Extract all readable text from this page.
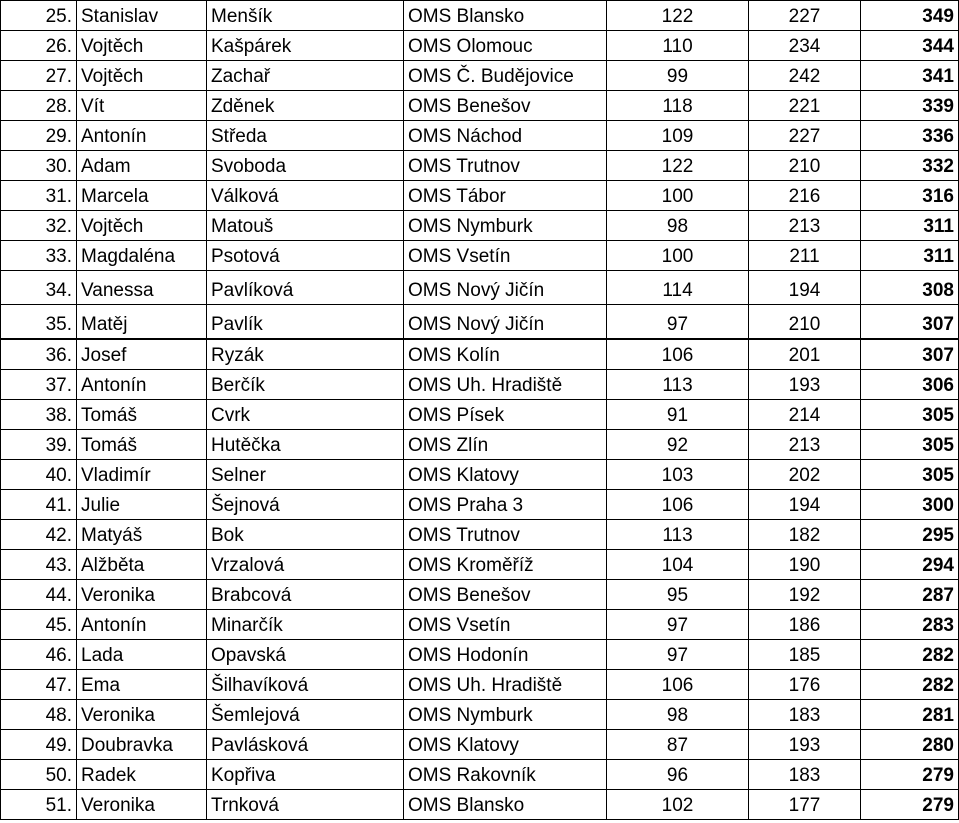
25.	Stanislav	Menšík	OMS Blansko	122	227	349
26.	Vojtěch	Kašpárek	OMS Olomouc	110	234	344
27.	Vojtěch	Zachař	OMS Č. Budějovice	99	242	341
28.	Vít	Zděnek	OMS Benešov	118	221	339
29.	Antonín	Středa	OMS Náchod	109	227	336
30.	Adam	Svoboda	OMS Trutnov	122	210	332
31.	Marcela	Válková	OMS Tábor	100	216	316
32.	Vojtěch	Matouš	OMS Nymburk	98	213	311
33.	Magdaléna	Psotová	OMS Vsetín	100	211	311
34.	Vanessa	Pavlíková	OMS Nový Jičín	114	194	308
35.	Matěj	Pavlík	OMS Nový Jičín	97	210	307
36.	Josef	Ryzák	OMS Kolín	106	201	307
37.	Antonín	Berčík	OMS Uh. Hradiště	113	193	306
38.	Tomáš	Cvrk	OMS Písek	91	214	305
39.	Tomáš	Hutěčka	OMS Zlín	92	213	305
40.	Vladimír	Selner	OMS Klatovy	103	202	305
41.	Julie	Šejnová	OMS Praha 3	106	194	300
42.	Matyáš	Bok	OMS Trutnov	113	182	295
43.	Alžběta	Vrzalová	OMS Kroměříž	104	190	294
44.	Veronika	Brabcová	OMS Benešov	95	192	287
45.	Antonín	Minarčík	OMS Vsetín	97	186	283
46.	Lada	Opavská	OMS Hodonín	97	185	282
47.	Ema	Šilhavíková	OMS Uh. Hradiště	106	176	282
48.	Veronika	Šemlejová	OMS Nymburk	98	183	281
49.	Doubravka	Pavlásková	OMS Klatovy	87	193	280
50.	Radek	Kopřiva	OMS Rakovník	96	183	279
51.	Veronika	Trnková	OMS Blansko	102	177	279
